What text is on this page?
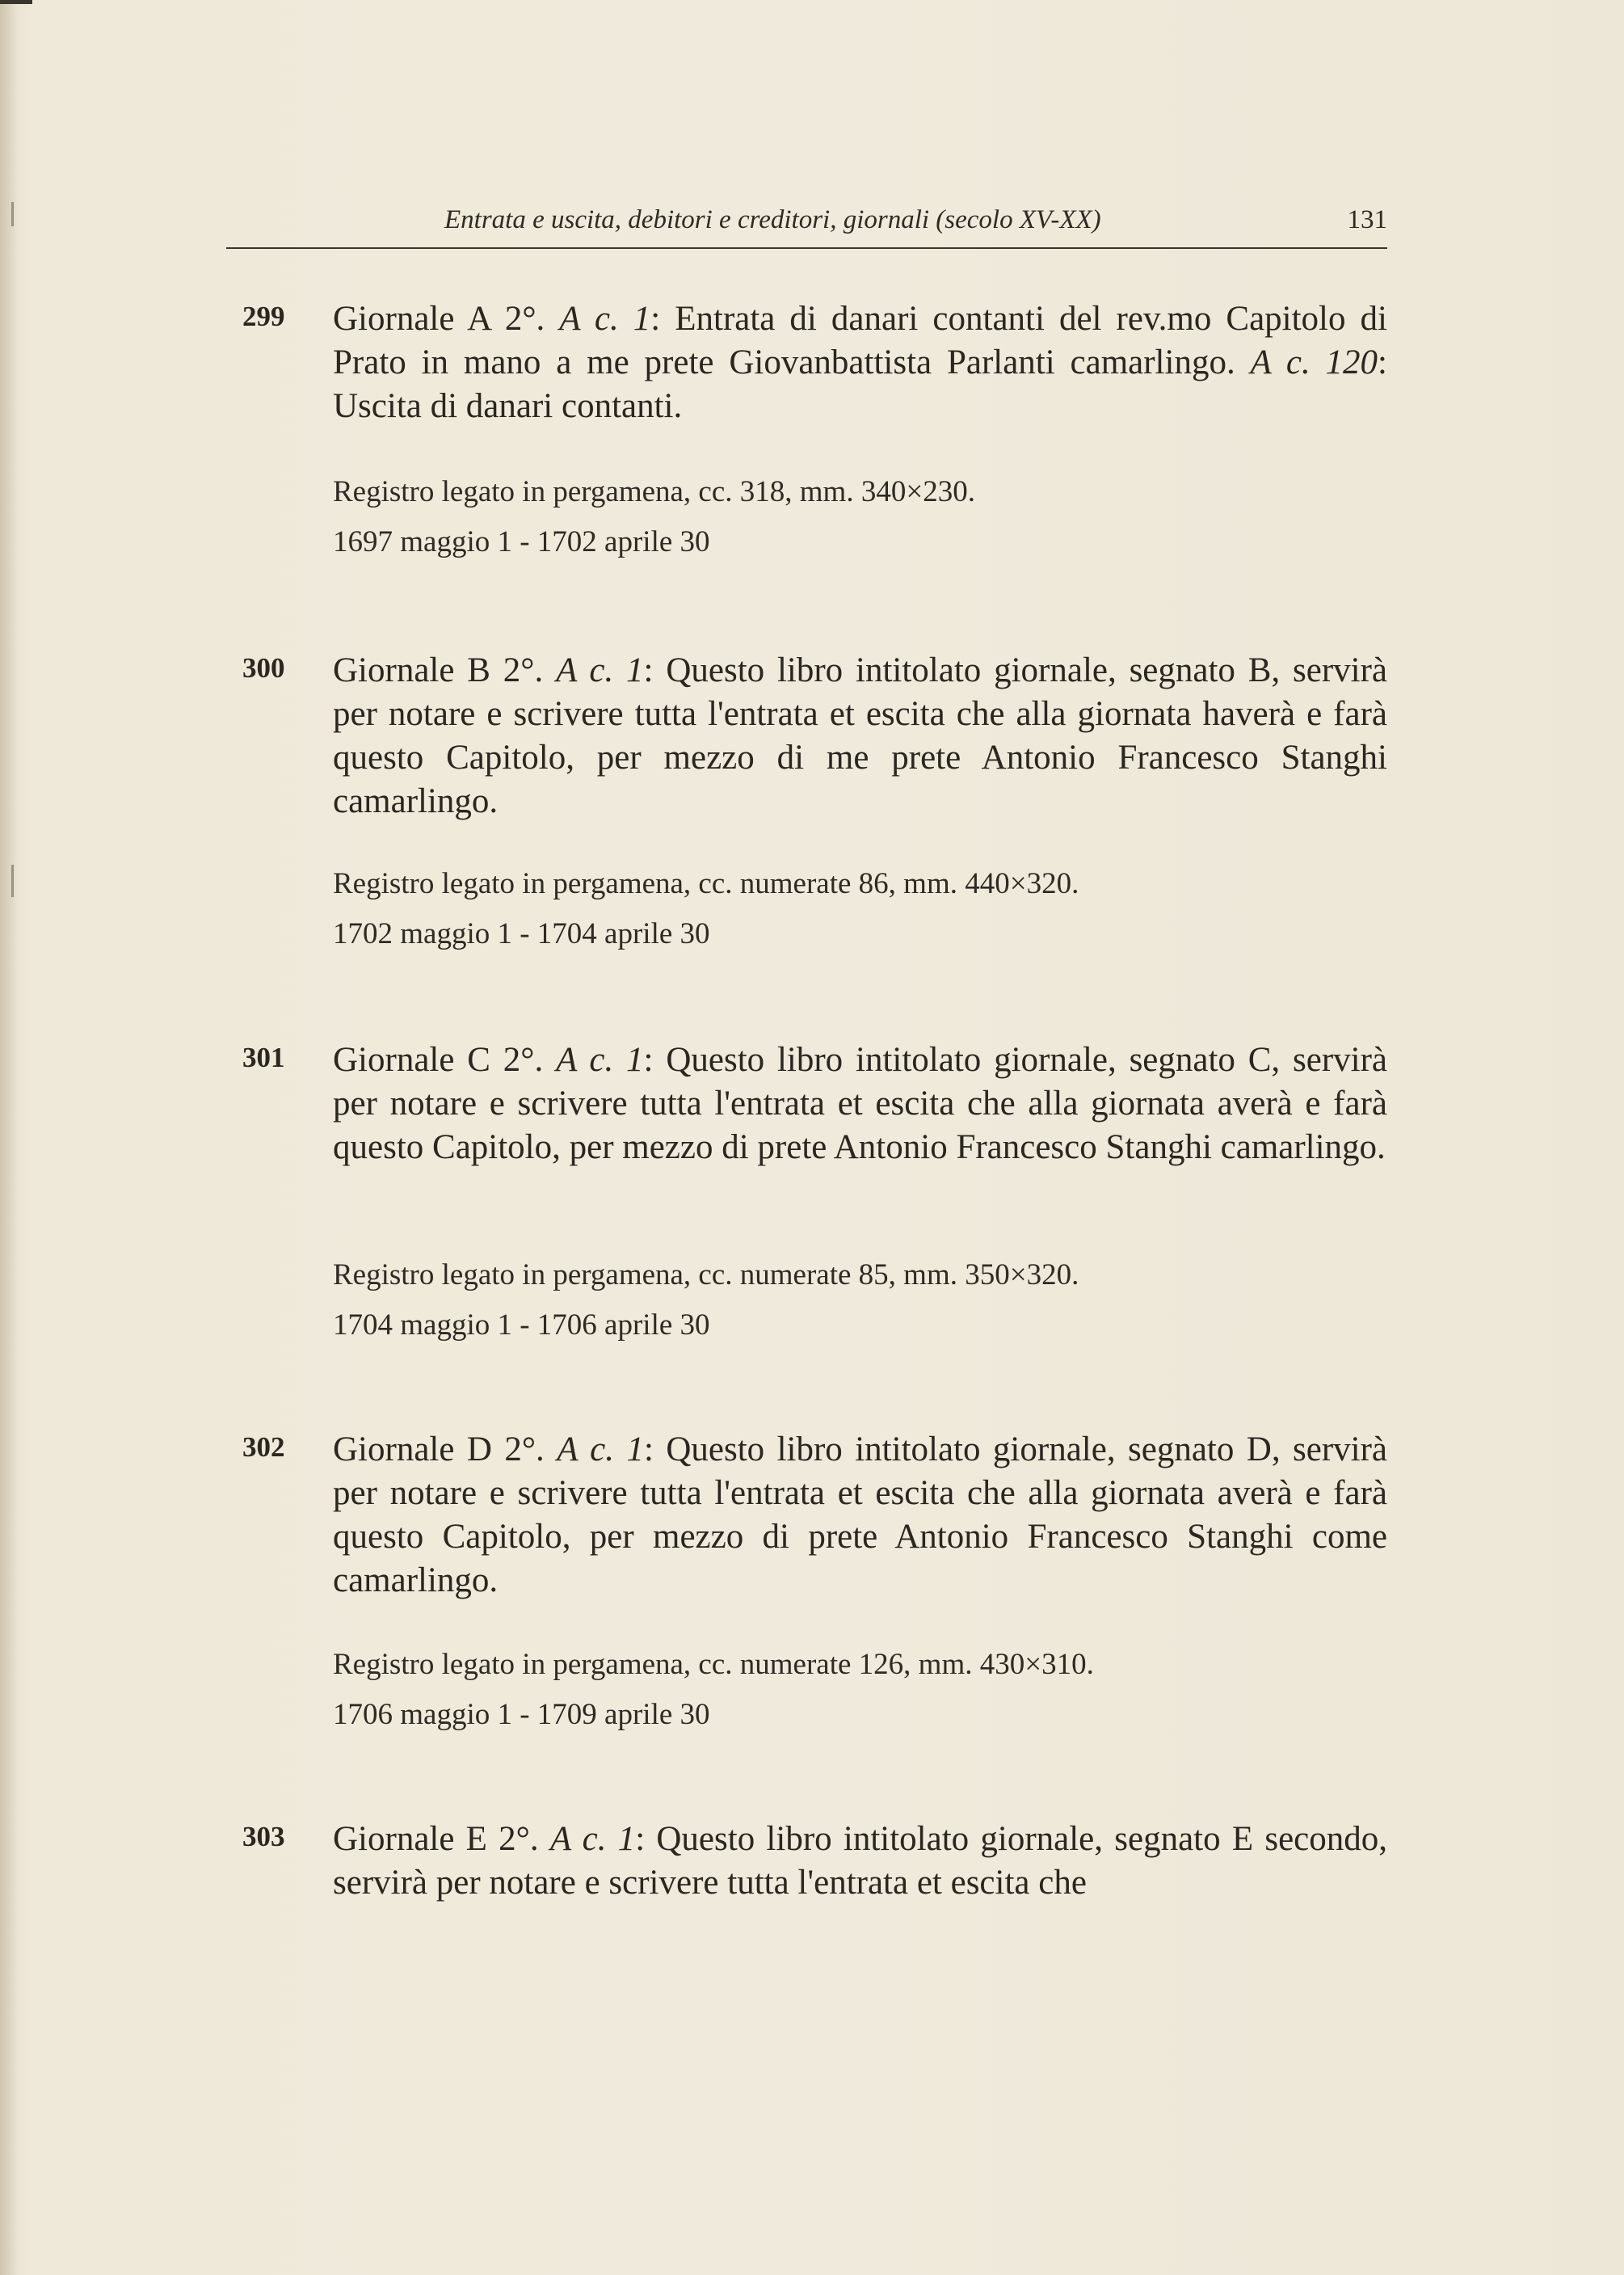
Entrata e uscita, debitori e creditori, giornali (secolo XV-XX)	131
299	Giornale A 2°. A c. 1: Entrata di danari contanti del rev.mo Capitolo di Prato in mano a me prete Giovanbattista Parlanti camarlingo. A c. 120: Uscita di danari contanti.
Registro legato in pergamena, cc. 318, mm. 340×230.
1697 maggio 1 - 1702 aprile 30
300	Giornale B 2°. A c. 1: Questo libro intitolato giornale, segnato B, servirà per notare e scrivere tutta l'entrata et escita che alla giornata haverà e farà questo Capitolo, per mezzo di me prete Antonio Francesco Stanghi camarlingo.
Registro legato in pergamena, cc. numerate 86, mm. 440×320.
1702 maggio 1 - 1704 aprile 30
301	Giornale C 2°. A c. 1: Questo libro intitolato giornale, segnato C, servirà per notare e scrivere tutta l'entrata et escita che alla giornata averà e farà questo Capitolo, per mezzo di prete Antonio Francesco Stanghi camarlingo.
Registro legato in pergamena, cc. numerate 85, mm. 350×320.
1704 maggio 1 - 1706 aprile 30
302	Giornale D 2°. A c. 1: Questo libro intitolato giornale, segnato D, servirà per notare e scrivere tutta l'entrata et escita che alla giornata averà e farà questo Capitolo, per mezzo di prete Antonio Francesco Stanghi come camarlingo.
Registro legato in pergamena, cc. numerate 126, mm. 430×310.
1706 maggio 1 - 1709 aprile 30
303	Giornale E 2°. A c. 1: Questo libro intitolato giornale, segnato E secondo, servirà per notare e scrivere tutta l'entrata et escita che
